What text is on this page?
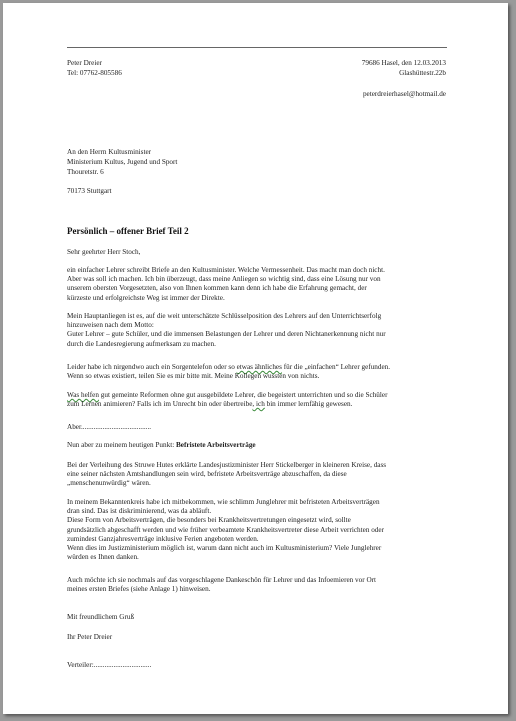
Peter Dreier
Tel: 07762-805586
79686 Hasel, den 12.03.2013
Glashüttestr.22b
peterdreierhasel@hotmail.de
An den Herrn Kultusminister
Ministerium Kultus, Jugend und Sport
Thouretstr. 6
70173 Stuttgart
Persönlich – offener Brief Teil 2
Sehr geehrter Herr Stoch,
ein einfacher Lehrer schreibt Briefe an den Kultusminister. Welche Vermessenheit. Das macht man doch nicht.
Aber was soll ich machen. Ich bin überzeugt, dass meine Anliegen so wichtig sind, dass eine Lösung nur von
unserem obersten Vorgesetzten, also von Ihnen kommen kann denn ich habe die Erfahrung gemacht, der
kürzeste und erfolgreichste Weg ist immer der Direkte.
Mein Hauptanliegen ist es, auf die weit unterschätzte Schlüsselposition des Lehrers auf den Unterrichtserfolg
hinzuweisen nach dem Motto:
Guter Lehrer – gute Schüler, und die immensen Belastungen der Lehrer und deren Nichtanerkennung nicht nur
durch die Landesregierung aufmerksam zu machen.
Leider habe ich nirgendwo auch ein Sorgentelefon oder so etwas ähnliches für die „einfachen“ Lehrer gefunden.
Wenn so etwas existiert, teilen Sie es mir bitte mit. Meine Kollegen wussten von nichts.
Was helfen gut gemeinte Reformen ohne gut ausgebildete Lehrer, die begeistert unterrichten und so die Schüler
zum Lernen animieren? Falls ich im Unrecht bin oder übertreibe, ich bin immer lernfähig gewesen.
Aber.......................................
Nun aber zu meinem heutigen Punkt: Befristete Arbeitsverträge
Bei der Verleihung des Struwe Hutes erklärte Landesjustizminister Herr Stickelberger in kleineren Kreise, dass
eine seiner nächsten Amtshandlungen sein wird, befristete Arbeitsverträge abzuschaffen, da diese
„menschenunwürdig“ wären.
In meinem Bekanntenkreis habe ich mitbekommen, wie schlimm Junglehrer mit befristeten Arbeitsverträgen
dran sind. Das ist diskriminierend, was da abläuft.
Diese Form von Arbeitsverträgen, die besonders bei Krankheitsvertretungen eingesetzt wird, sollte
grundsätzlich abgeschafft werden und wie früher verbeamtete Krankheitsvertreter diese Arbeit verrichten oder
zumindest Ganzjahresverträge inklusive Ferien angeboten werden.
Wenn dies im Justizministerium möglich ist, warum dann nicht auch im Kultusministerium? Viele Junglehrer
würden es Ihnen danken.
Auch möchte ich sie nochmals auf das vorgeschlagene Dankeschön für Lehrer und das Infoemieren vor Ort
meines ersten Briefes (siehe Anlage 1) hinweisen.
Mit freundlichem Gruß
Ihr Peter Dreier
Verteiler:................................
